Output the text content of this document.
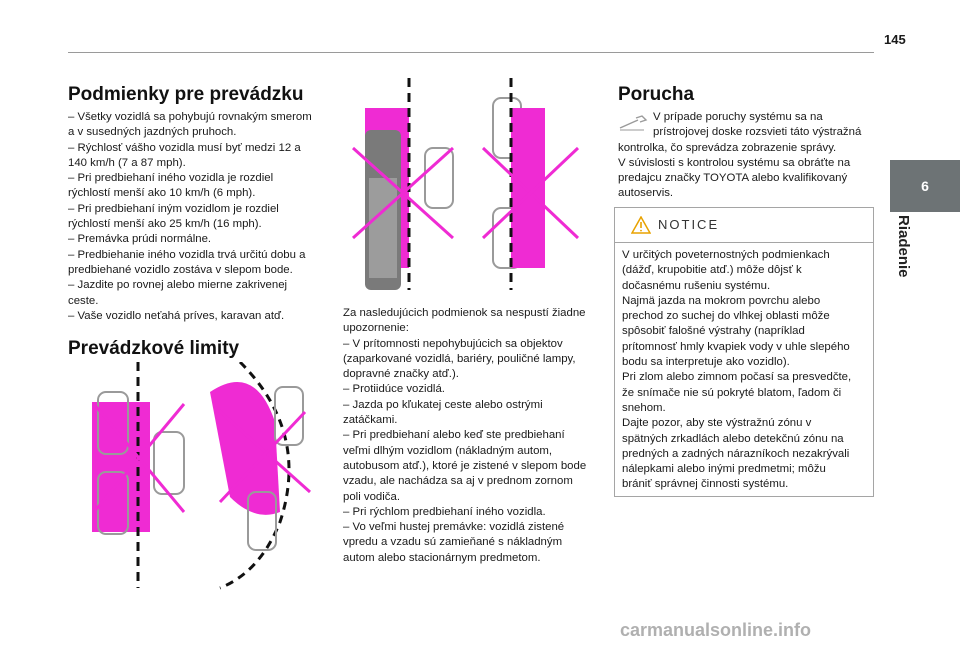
145
6
Riadenie
Podmienky pre prevádzku

– Všetky vozidlá sa pohybujú rovnakým smerom

a v susedných jazdných pruhoch.

– Rýchlosť vášho vozidla musí byť medzi 12 a

140 km/h (7 a 87 mph).

– Pri predbiehaní iného vozidla je rozdiel

rýchlostí menší ako 10 km/h (6 mph).

– Pri predbiehaní iným vozidlom je rozdiel

rýchlostí menší ako 25 km/h (16 mph).

– Premávka prúdi normálne.

– Predbiehanie iného vozidla trvá určitú dobu a

predbiehané vozidlo zostáva v slepom bode.

– Jazdite po rovnej alebo mierne zakrivenej

ceste.

– Vaše vozidlo neťahá príves, karavan atď.

Prevádzkové limity

Za nasledujúcich podmienok sa nespustí žiadne

upozornenie:

– V prítomnosti nepohybujúcich sa objektov

(zaparkované vozidlá, bariéry, pouličné lampy,

dopravné značky atď.).

– Protiidúce vozidlá.

– Jazda po kľukatej ceste alebo ostrými

zatáčkami.

– Pri predbiehaní alebo keď ste predbiehaní

veľmi dlhým vozidlom (nákladným autom,

autobusom atď.), ktoré je zistené v slepom bode

vzadu, ale nachádza sa aj v prednom zornom

poli vodiča.

– Pri rýchlom predbiehaní iného vozidla.

– Vo veľmi hustej premávke: vozidlá zistené

vpredu a vzadu sú zamieňané s nákladným

autom alebo stacionárnym predmetom.

Porucha

V prípade poruchy systému sa na

prístrojovej doske rozsvieti táto výstražná

kontrolka, čo sprevádza zobrazenie správy.

V súvislosti s kontrolou systému sa obráťte na

predajcu značky TOYOTA alebo kvalifikovaný

autoservis.

NOTICE

V určitých poveternostných podmienkach

(dážď, krupobitie atď.) môže dôjsť k

dočasnému rušeniu systému.

Najmä jazda na mokrom povrchu alebo

prechod zo suchej do vlhkej oblasti môže

spôsobiť falošné výstrahy (napríklad

prítomnosť hmly kvapiek vody v uhle slepého

bodu sa interpretuje ako vozidlo).

Pri zlom alebo zimnom počasí sa presvedčte,

že snímače nie sú pokryté blatom, ľadom či

snehom.

Dajte pozor, aby ste výstražnú zónu v

spätných zrkadlách alebo detekčnú zónu na

predných a zadných nárazníkoch nezakrývali

nálepkami alebo inými predmetmi; môžu

brániť správnej činnosti systému.

carmanualsonline.info
